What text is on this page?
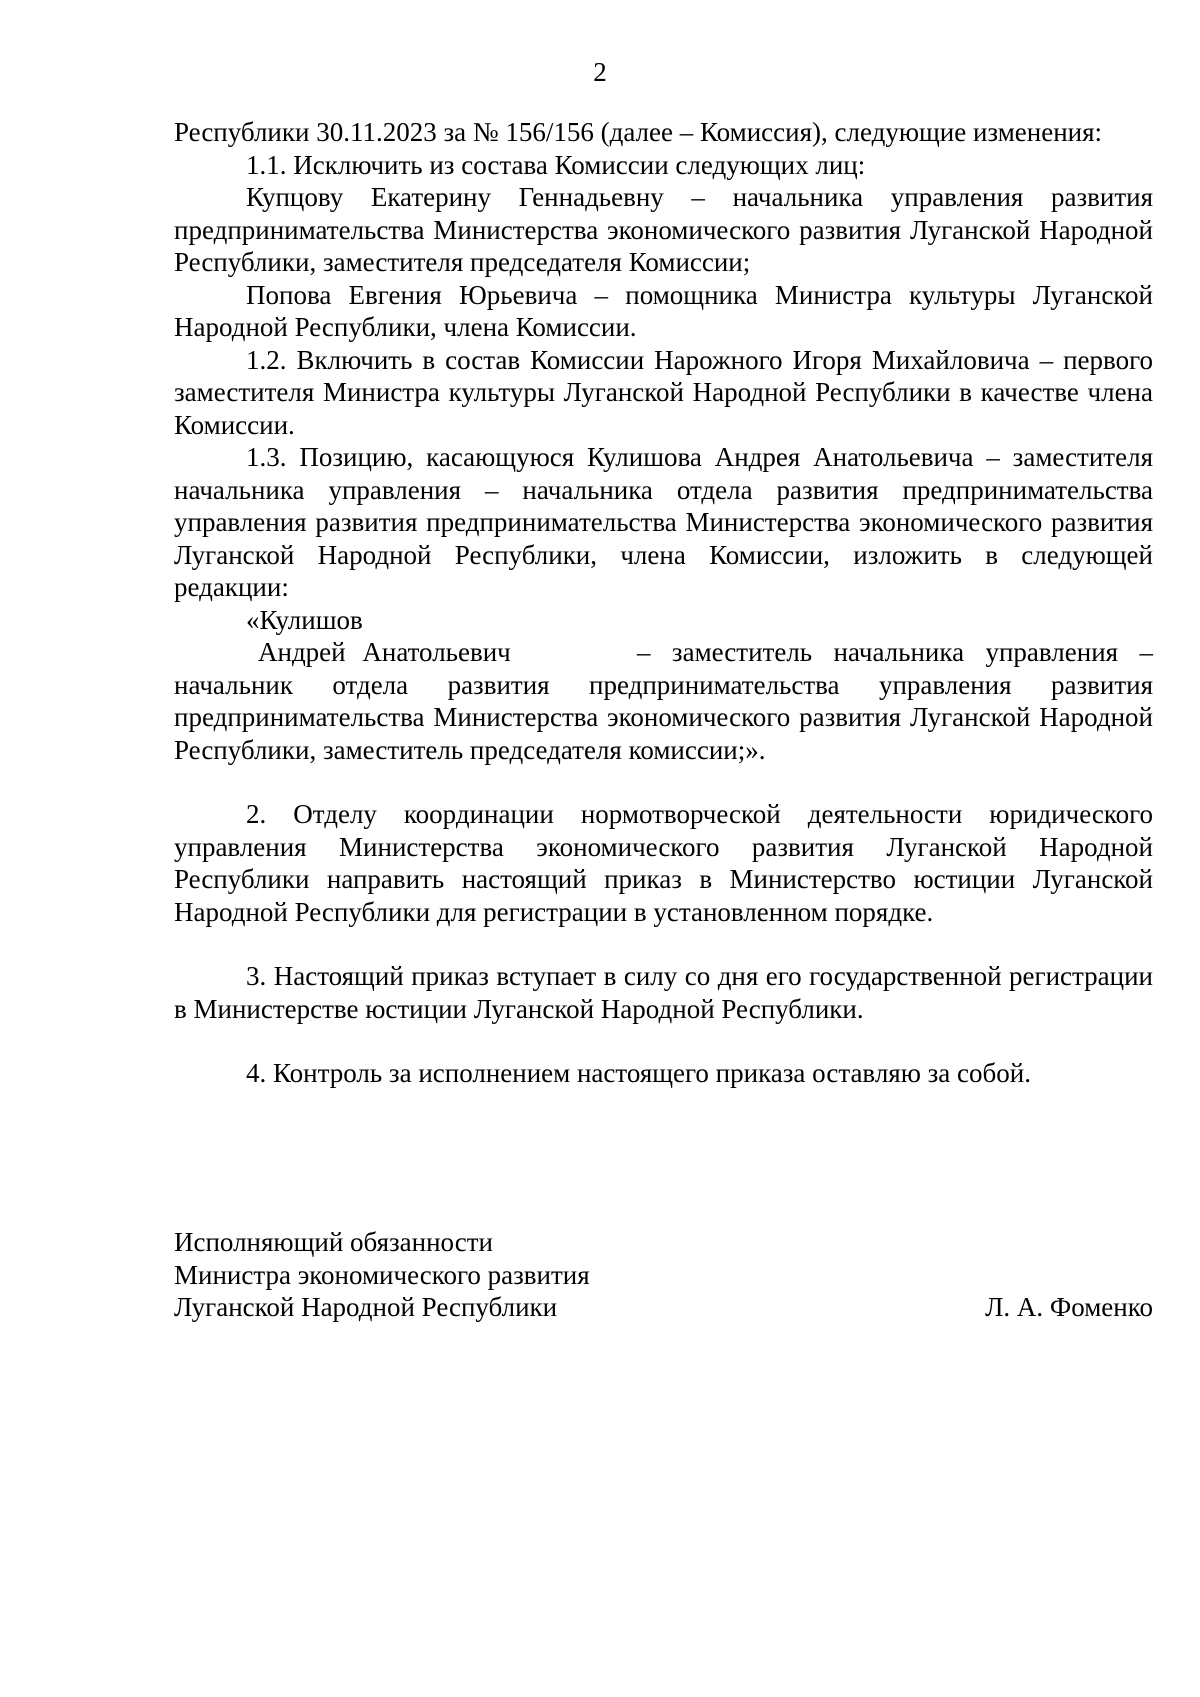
2

Республики 30.11.2023 за № 156/156 (далее – Комиссия), следующие изменения:

1.1. Исключить из состава Комиссии следующих лиц:

Купцову Екатерину Геннадьевну – начальника управления развития предпринимательства Министерства экономического развития Луганской Народной Республики, заместителя председателя Комиссии;

Попова Евгения Юрьевича – помощника Министра культуры Луганской Народной Республики, члена Комиссии.

1.2. Включить в состав Комиссии Нарожного Игоря Михайловича – первого заместителя Министра культуры Луганской Народной Республики в качестве члена Комиссии.

1.3. Позицию, касающуюся Кулишова Андрея Анатольевича – заместителя начальника управления – начальника отдела развития предпринимательства управления развития предпринимательства Министерства экономического развития Луганской Народной Республики, члена Комиссии, изложить в следующей редакции:

«Кулишов

Андрей Анатольевич	– заместитель начальника управления –

начальник отдела развития предпринимательства управления развития предпринимательства Министерства экономического развития Луганской Народной Республики, заместитель председателя комиссии;».

2. Отделу координации нормотворческой деятельности юридического управления Министерства экономического развития Луганской Народной Республики направить настоящий приказ в Министерство юстиции Луганской Народной Республики для регистрации в установленном порядке.

3. Настоящий приказ вступает в силу со дня его государственной регистрации в Министерстве юстиции Луганской Народной Республики.

4. Контроль за исполнением настоящего приказа оставляю за собой.

Исполняющий обязанности

Министра экономического развития

Луганской Народной Республики	Л. А. Фоменко
